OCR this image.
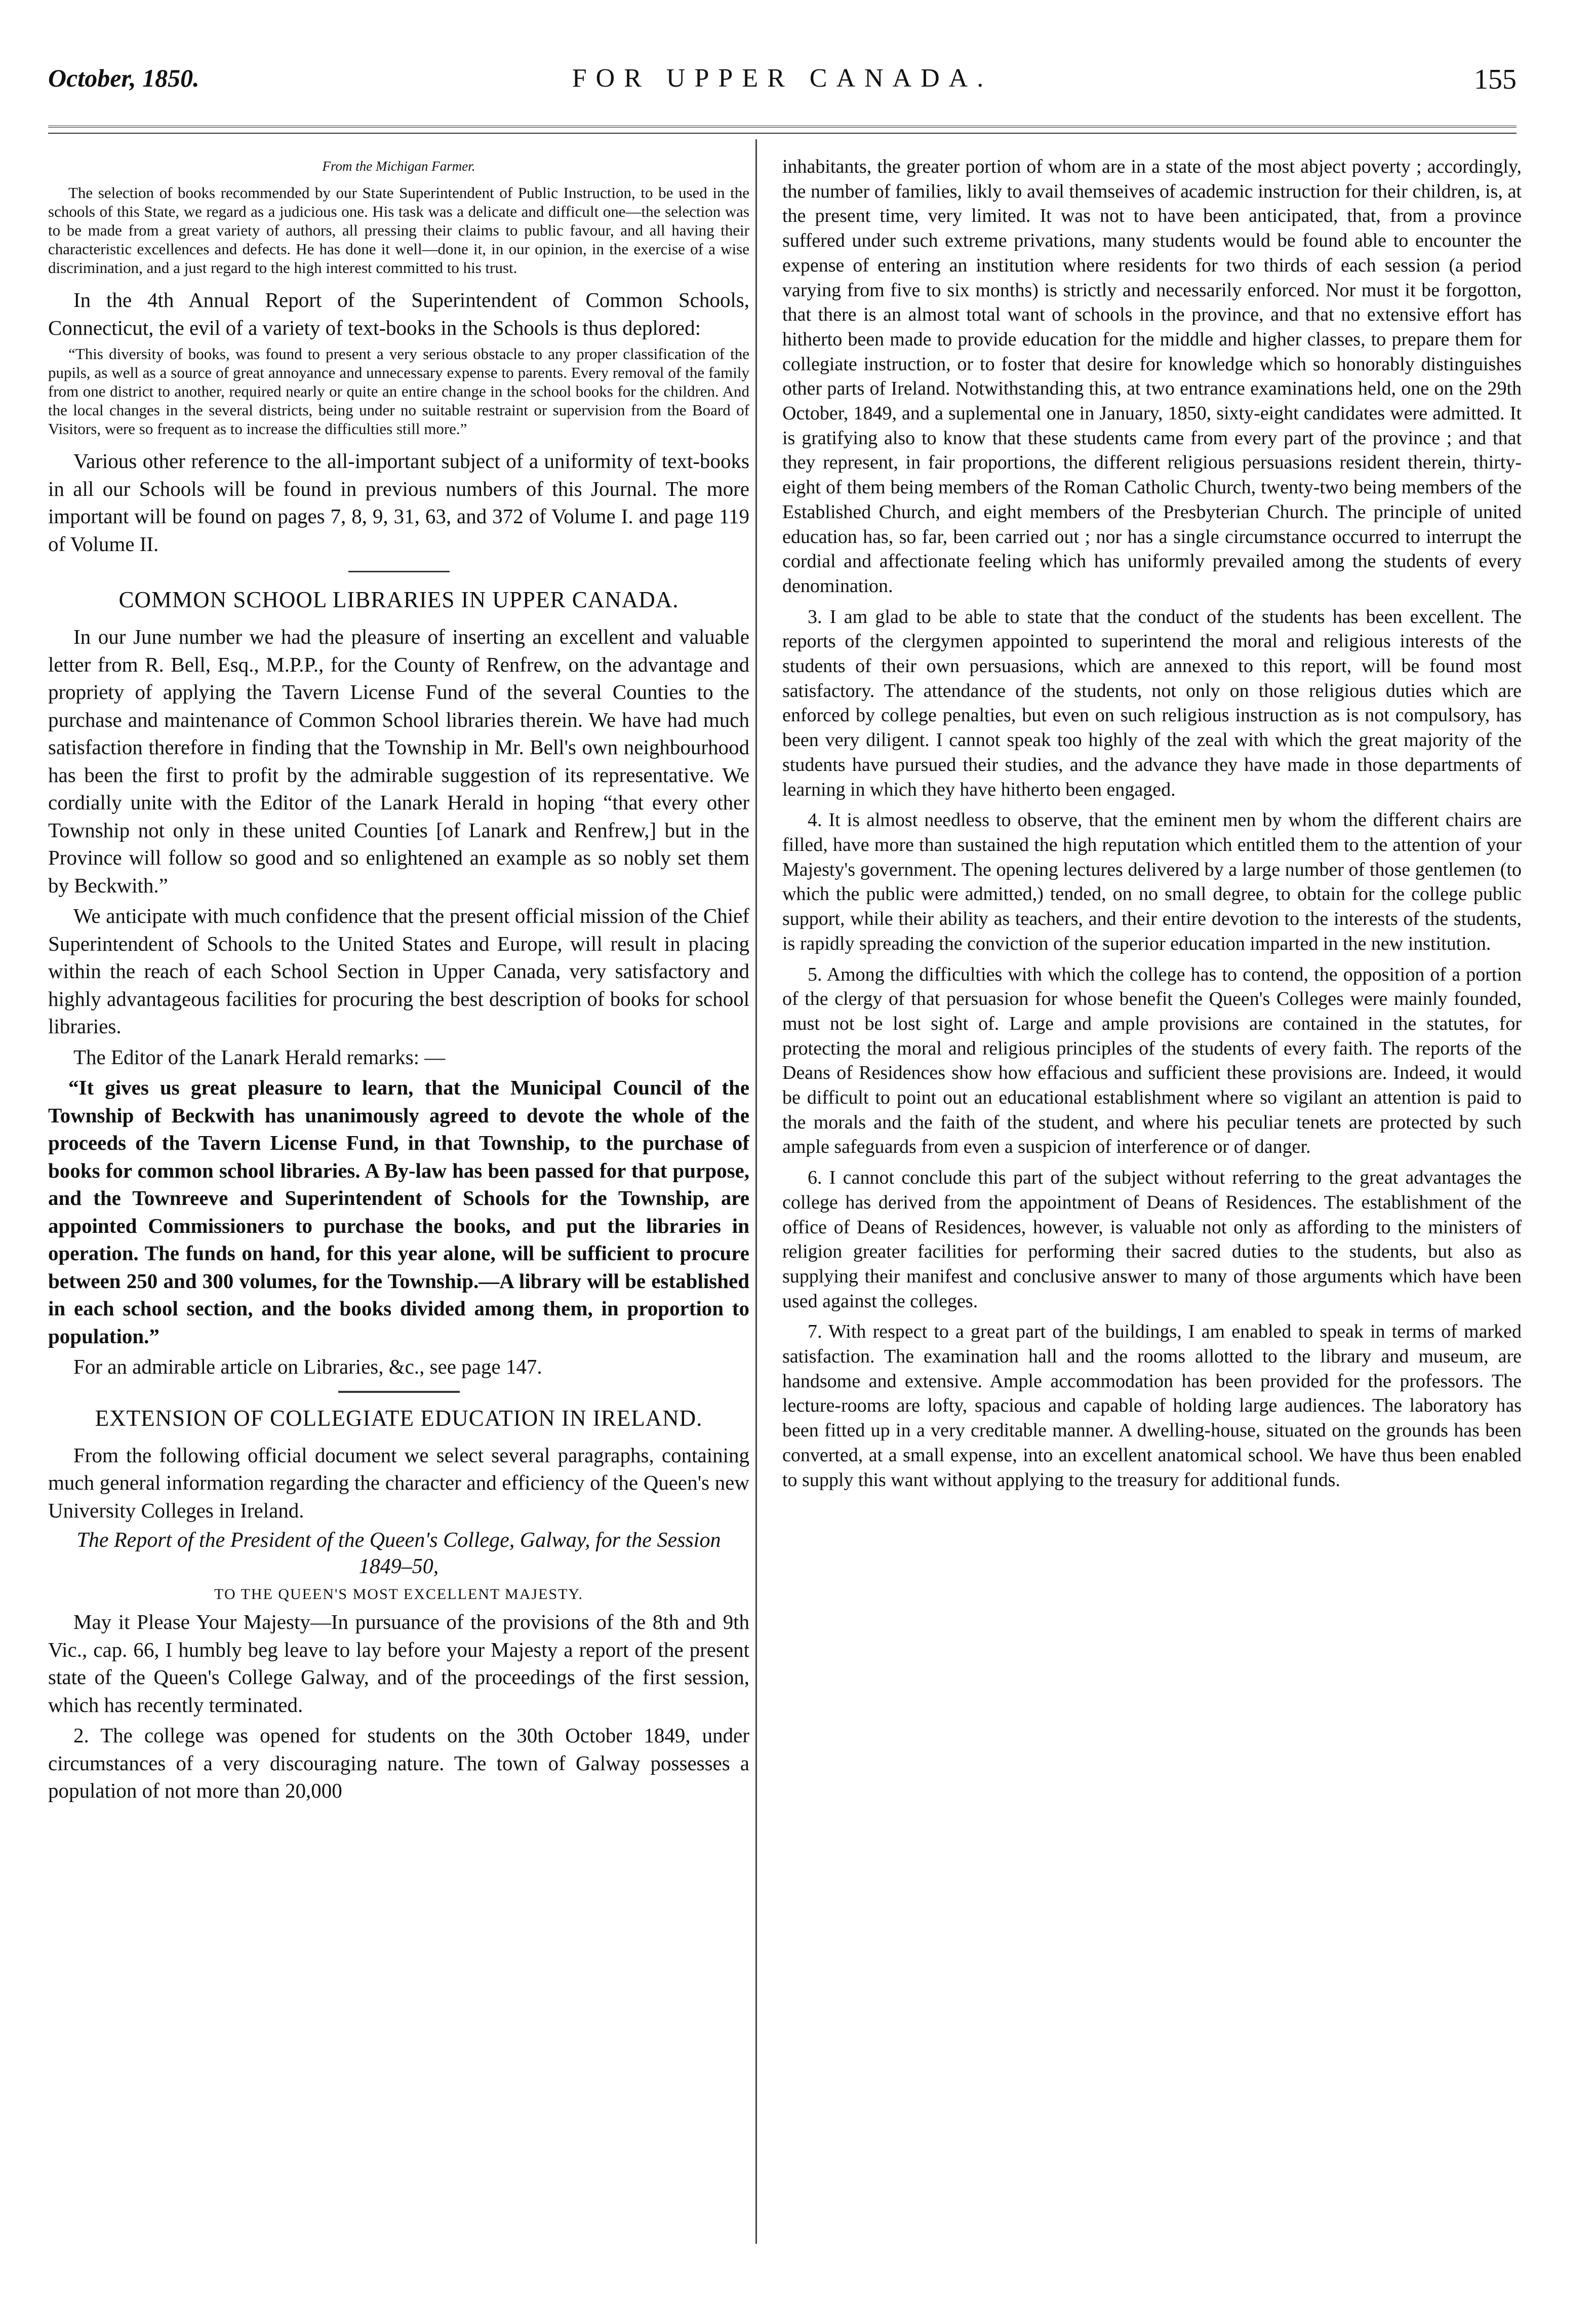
October, 1850.	FOR UPPER CANADA.	155
From the Michigan Farmer.

The selection of books recommended by our State Superintendent of Public Instruction, to be used in the schools of this State, we regard as a judicious one. His task was a delicate and difficult one—the selection was to be made from a great variety of authors, all pressing their claims to public favour, and all having their characteristic excellences and defects. He has done it well—done it, in our opinion, in the exercise of a wise discrimination, and a just regard to the high interest committed to his trust.

In the 4th Annual Report of the Superintendent of Common Schools, Connecticut, the evil of a variety of text-books in the Schools is thus deplored:

“This diversity of books, was found to present a very serious obstacle to any proper classification of the pupils, as well as a source of great annoyance and unnecessary expense to parents. Every removal of the family from one district to another, required nearly or quite an entire change in the school books for the children. And the local changes in the several districts, being under no suitable restraint or supervision from the Board of Visitors, were so frequent as to increase the difficulties still more.”

Various other reference to the all-important subject of a uniformity of text-books in all our Schools will be found in previous numbers of this Journal. The more important will be found on pages 7, 8, 9, 31, 63, and 372 of Volume I. and page 119 of Volume II.

COMMON SCHOOL LIBRARIES IN UPPER CANADA.

In our June number we had the pleasure of inserting an excellent and valuable letter from R. Bell, Esq., M.P.P., for the County of Renfrew, on the advantage and propriety of applying the Tavern License Fund of the several Counties to the purchase and maintenance of Common School libraries therein. We have had much satisfaction therefore in finding that the Township in Mr. Bell's own neighbourhood has been the first to profit by the admirable suggestion of its representative. We cordially unite with the Editor of the Lanark Herald in hoping “that every other Township not only in these united Counties [of Lanark and Renfrew,] but in the Province will follow so good and so enlightened an example as so nobly set them by Beckwith.”

We anticipate with much confidence that the present official mission of the Chief Superintendent of Schools to the United States and Europe, will result in placing within the reach of each School Section in Upper Canada, very satisfactory and highly advantageous facilities for procuring the best description of books for school libraries.

The Editor of the Lanark Herald remarks: —

“It gives us great pleasure to learn, that the Municipal Council of the Township of Beckwith has unanimously agreed to devote the whole of the proceeds of the Tavern License Fund, in that Township, to the purchase of books for common school libraries. A By-law has been passed for that purpose, and the Townreeve and Superintendent of Schools for the Township, are appointed Commissioners to purchase the books, and put the libraries in operation. The funds on hand, for this year alone, will be sufficient to procure between 250 and 300 volumes, for the Township.—A library will be established in each school section, and the books divided among them, in proportion to population.”

For an admirable article on Libraries, &c., see page 147.

EXTENSION OF COLLEGIATE EDUCATION IN IRELAND.

From the following official document we select several paragraphs, containing much general information regarding the character and efficiency of the Queen's new University Colleges in Ireland.

The Report of the President of the Queen's College, Galway, for the Session 1849–50,
TO THE QUEEN'S MOST EXCELLENT MAJESTY.

May it Please Your Majesty—In pursuance of the provisions of the 8th and 9th Vic., cap. 66, I humbly beg leave to lay before your Majesty a report of the present state of the Queen's College Galway, and of the proceedings of the first session, which has recently terminated.

2. The college was opened for students on the 30th October 1849, under circumstances of a very discouraging nature. The town of Galway possesses a population of not more than 20,000

inhabitants, the greater portion of whom are in a state of the most abject poverty ; accordingly, the number of families, likly to avail themseives of academic instruction for their children, is, at the present time, very limited. It was not to have been anticipated, that, from a province suffered under such extreme privations, many students would be found able to encounter the expense of entering an institution where residents for two thirds of each session (a period varying from five to six months) is strictly and necessarily enforced. Nor must it be forgotton, that there is an almost total want of schools in the province, and that no extensive effort has hitherto been made to provide education for the middle and higher classes, to prepare them for collegiate instruction, or to foster that desire for knowledge which so honorably distinguishes other parts of Ireland. Notwithstanding this, at two entrance examinations held, one on the 29th October, 1849, and a suplemental one in January, 1850, sixty-eight candidates were admitted. It is gratifying also to know that these students came from every part of the province ; and that they represent, in fair proportions, the different religious persuasions resident therein, thirty-eight of them being members of the Roman Catholic Church, twenty-two being members of the Established Church, and eight members of the Presbyterian Church. The principle of united education has, so far, been carried out ; nor has a single circumstance occurred to interrupt the cordial and affectionate feeling which has uniformly prevailed among the students of every denomination.

3. I am glad to be able to state that the conduct of the students has been excellent. The reports of the clergymen appointed to superintend the moral and religious interests of the students of their own persuasions, which are annexed to this report, will be found most satisfactory. The attendance of the students, not only on those religious duties which are enforced by college penalties, but even on such religious instruction as is not compulsory, has been very diligent. I cannot speak too highly of the zeal with which the great majority of the students have pursued their studies, and the advance they have made in those departments of learning in which they have hitherto been engaged.

4. It is almost needless to observe, that the eminent men by whom the different chairs are filled, have more than sustained the high reputation which entitled them to the attention of your Majesty's government. The opening lectures delivered by a large number of those gentlemen (to which the public were admitted,) tended, on no small degree, to obtain for the college public support, while their ability as teachers, and their entire devotion to the interests of the students, is rapidly spreading the conviction of the superior education imparted in the new institution.

5. Among the difficulties with which the college has to contend, the opposition of a portion of the clergy of that persuasion for whose benefit the Queen's Colleges were mainly founded, must not be lost sight of. Large and ample provisions are contained in the statutes, for protecting the moral and religious principles of the students of every faith. The reports of the Deans of Residences show how effacious and sufficient these provisions are. Indeed, it would be difficult to point out an educational establishment where so vigilant an attention is paid to the morals and the faith of the student, and where his peculiar tenets are protected by such ample safeguards from even a suspicion of interference or of danger.

6. I cannot conclude this part of the subject without referring to the great advantages the college has derived from the appointment of Deans of Residences. The establishment of the office of Deans of Residences, however, is valuable not only as affording to the ministers of religion greater facilities for performing their sacred duties to the students, but also as supplying their manifest and conclusive answer to many of those arguments which have been used against the colleges.

7. With respect to a great part of the buildings, I am enabled to speak in terms of marked satisfaction. The examination hall and the rooms allotted to the library and museum, are handsome and extensive. Ample accommodation has been provided for the professors. The lecture-rooms are lofty, spacious and capable of holding large audiences. The laboratory has been fitted up in a very creditable manner. A dwelling-house, situated on the grounds has been converted, at a small expense, into an excellent anatomical school. We have thus been enabled to supply this want without applying to the treasury for additional funds.
